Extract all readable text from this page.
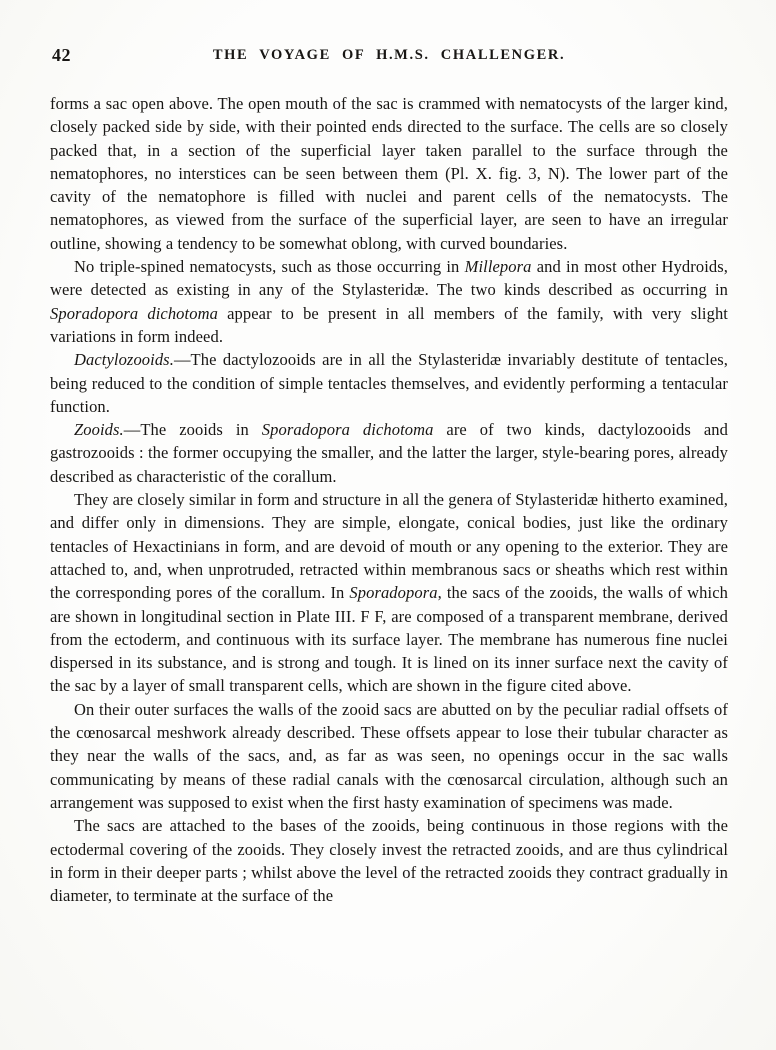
42	THE VOYAGE OF H.M.S. CHALLENGER.

forms a sac open above. The open mouth of the sac is crammed with nematocysts of the larger kind, closely packed side by side, with their pointed ends directed to the surface. The cells are so closely packed that, in a section of the superficial layer taken parallel to the surface through the nematophores, no interstices can be seen between them (Pl. X. fig. 3, N). The lower part of the cavity of the nematophore is filled with nuclei and parent cells of the nematocysts. The nematophores, as viewed from the surface of the superficial layer, are seen to have an irregular outline, showing a tendency to be somewhat oblong, with curved boundaries.

No triple-spined nematocysts, such as those occurring in Millepora and in most other Hydroids, were detected as existing in any of the Stylasteridæ. The two kinds described as occurring in Sporadopora dichotoma appear to be present in all members of the family, with very slight variations in form indeed.

Dactylozooids.—The dactylozooids are in all the Stylasteridæ invariably destitute of tentacles, being reduced to the condition of simple tentacles themselves, and evidently performing a tentacular function.

Zooids.—The zooids in Sporadopora dichotoma are of two kinds, dactylozooids and gastrozooids : the former occupying the smaller, and the latter the larger, style-bearing pores, already described as characteristic of the corallum.

They are closely similar in form and structure in all the genera of Stylasteridæ hitherto examined, and differ only in dimensions. They are simple, elongate, conical bodies, just like the ordinary tentacles of Hexactinians in form, and are devoid of mouth or any opening to the exterior. They are attached to, and, when unprotruded, retracted within membranous sacs or sheaths which rest within the corresponding pores of the corallum. In Sporadopora, the sacs of the zooids, the walls of which are shown in longitudinal section in Plate III. F F, are composed of a transparent membrane, derived from the ectoderm, and continuous with its surface layer. The membrane has numerous fine nuclei dispersed in its substance, and is strong and tough. It is lined on its inner surface next the cavity of the sac by a layer of small transparent cells, which are shown in the figure cited above.

On their outer surfaces the walls of the zooid sacs are abutted on by the peculiar radial offsets of the cœnosarcal meshwork already described. These offsets appear to lose their tubular character as they near the walls of the sacs, and, as far as was seen, no openings occur in the sac walls communicating by means of these radial canals with the cœnosarcal circulation, although such an arrangement was supposed to exist when the first hasty examination of specimens was made.

The sacs are attached to the bases of the zooids, being continuous in those regions with the ectodermal covering of the zooids. They closely invest the retracted zooids, and are thus cylindrical in form in their deeper parts ; whilst above the level of the retracted zooids they contract gradually in diameter, to terminate at the surface of the
